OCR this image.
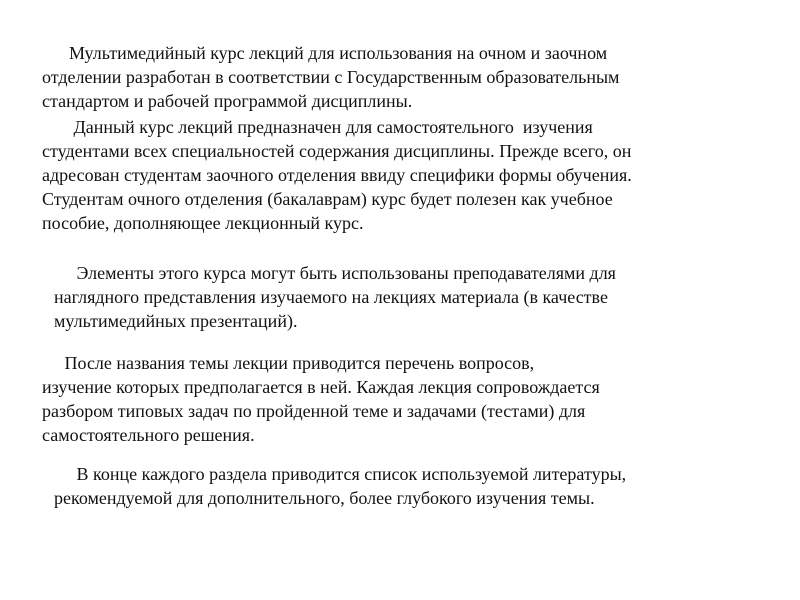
Мультимедийный курс лекций для использования на очном и заочном
отделении разработан в соответствии с Государственным образовательным
стандартом и рабочей программой дисциплины.

Данный курс лекций предназначен для самостоятельного  изучения
студентами всех специальностей содержания дисциплины. Прежде всего, он
адресован студентам заочного отделения ввиду специфики формы обучения.
Студентам очного отделения (бакалаврам) курс будет полезен как учебное
пособие, дополняющее лекционный курс.

Элементы этого курса могут быть использованы преподавателями для
наглядного представления изучаемого на лекциях материала (в качестве
мультимедийных презентаций).

После названия темы лекции приводится перечень вопросов,
изучение которых предполагается в ней. Каждая лекция сопровождается
разбором типовых задач по пройденной теме и задачами (тестами) для
самостоятельного решения.

В конце каждого раздела приводится список используемой литературы,
рекомендуемой для дополнительного, более глубокого изучения темы.
